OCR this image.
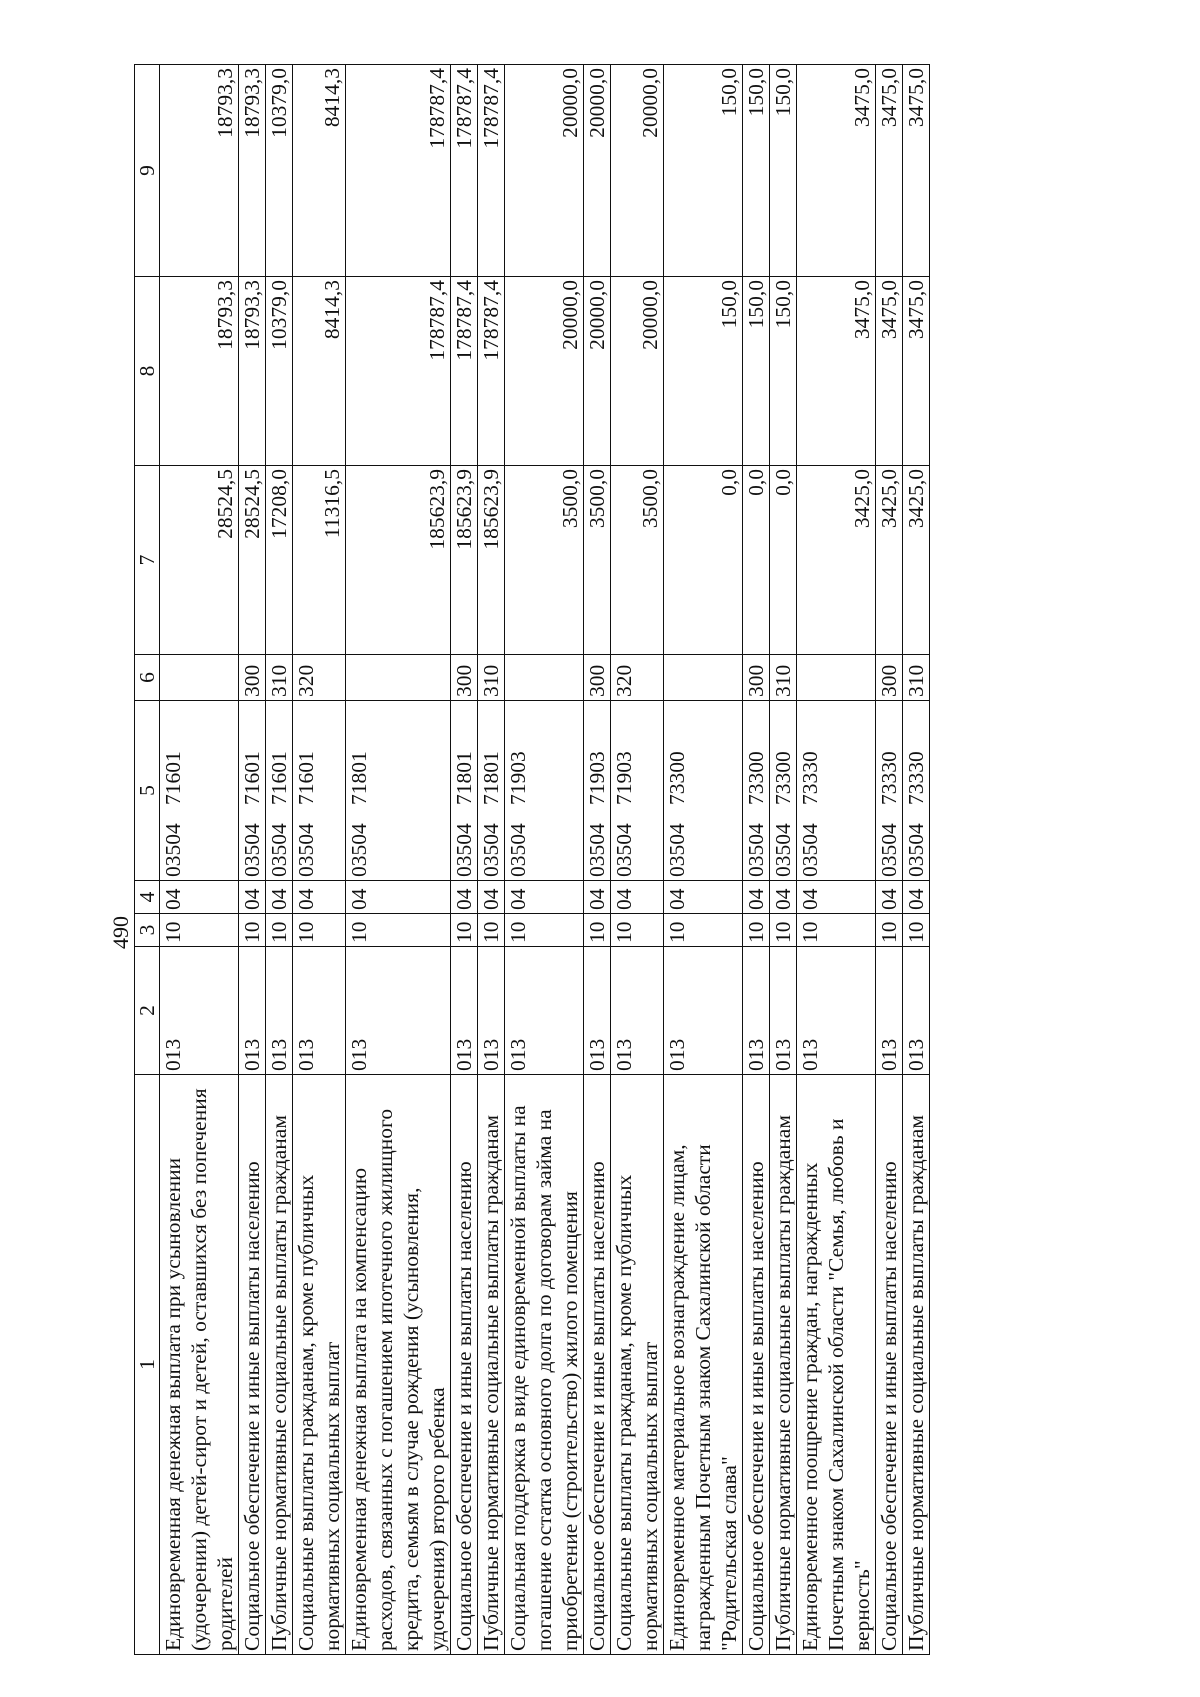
490
1	2	3	4	5	6	7	8	9
Единовременная денежная выплата при усыновлении (удочерении) детей-сирот и детей, оставшихся без попечения родителей	013	10	04	0350471601		28524,5	18793,3	18793,3
Социальное обеспечение и иные выплаты населению	013	10	04	0350471601	300	28524,5	18793,3	18793,3
Публичные нормативные социальные выплаты гражданам	013	10	04	0350471601	310	17208,0	10379,0	10379,0
Социальные выплаты гражданам, кроме публичных нормативных социальных выплат	013	10	04	0350471601	320	11316,5	8414,3	8414,3
Единовременная денежная выплата на компенсацию расходов, связанных с погашением ипотечного жилищного кредита, семьям в случае рождения (усыновления, удочерения) второго ребенка	013	10	04	0350471801		185623,9	178787,4	178787,4
Социальное обеспечение и иные выплаты населению	013	10	04	0350471801	300	185623,9	178787,4	178787,4
Публичные нормативные социальные выплаты гражданам	013	10	04	0350471801	310	185623,9	178787,4	178787,4
Социальная поддержка в виде единовременной выплаты на погашение остатка основного долга по договорам займа на приобретение (строительство) жилого помещения	013	10	04	0350471903		3500,0	20000,0	20000,0
Социальное обеспечение и иные выплаты населению	013	10	04	0350471903	300	3500,0	20000,0	20000,0
Социальные выплаты гражданам, кроме публичных нормативных социальных выплат	013	10	04	0350471903	320	3500,0	20000,0	20000,0
Единовременное материальное вознаграждение лицам, награжденным Почетным знаком Сахалинской области "Родительская слава"	013	10	04	0350473300		0,0	150,0	150,0
Социальное обеспечение и иные выплаты населению	013	10	04	0350473300	300	0,0	150,0	150,0
Публичные нормативные социальные выплаты гражданам	013	10	04	0350473300	310	0,0	150,0	150,0
Единовременное поощрение граждан, награжденных Почетным знаком Сахалинской области "Семья, любовь и верность"	013	10	04	0350473330		3425,0	3475,0	3475,0
Социальное обеспечение и иные выплаты населению	013	10	04	0350473330	300	3425,0	3475,0	3475,0
Публичные нормативные социальные выплаты гражданам	013	10	04	0350473330	310	3425,0	3475,0	3475,0
